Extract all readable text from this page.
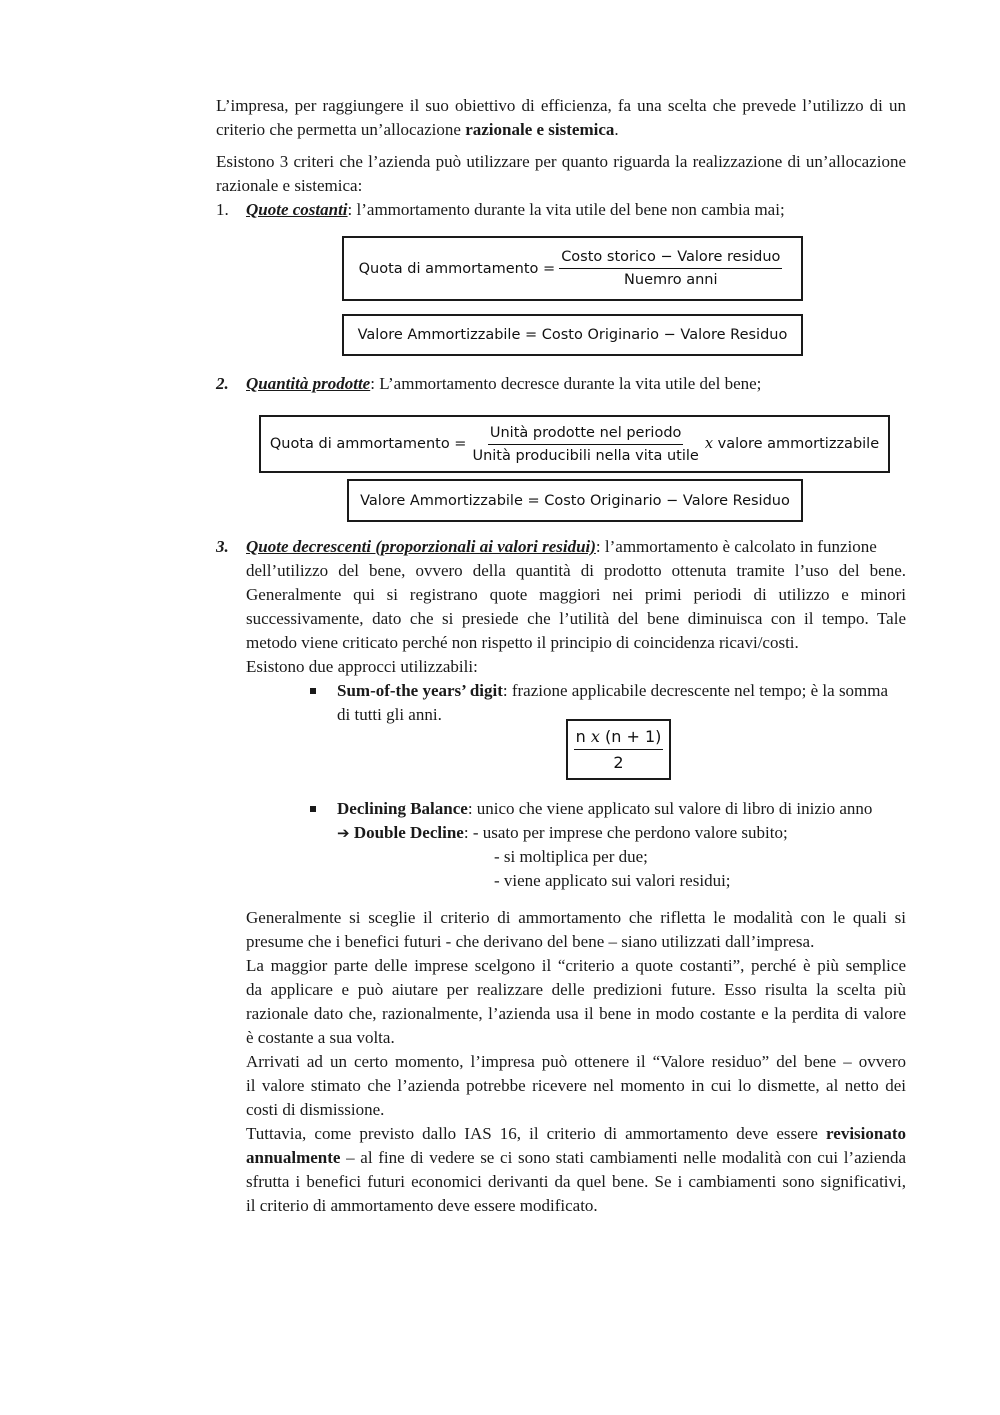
L’impresa, per raggiungere il suo obiettivo di efficienza, fa una scelta che prevede l’utilizzo di un
criterio che permetta un’allocazione razionale e sistemica.
Esistono 3 criteri che l’azienda può utilizzare per quanto riguarda la realizzazione di un’allocazione
razionale e sistemica:
1. Quote costanti: l’ammortamento durante la vita utile del bene non cambia mai;
Quota di ammortamento = $\frac{\text{Costo storico − Valore residuo}}{\text{Nuemro anni}}$
Valore Ammortizzabile = Costo Originario − Valore Residuo
2. Quantità prodotte: L’ammortamento decresce durante la vita utile del bene;
Quota di ammortamento = $\frac{\text{Unità prodotte nel periodo}}{\text{Unità producibili nella vita utile}}$ x
valore ammortizzabile
Valore Ammortizzabile = Costo Originario − Valore Residuo
3. Quote decrescenti (proporzionali ai valori residui): l’ammortamento è calcolato in funzione
dell’utilizzo del bene, ovvero della quantità di prodotto ottenuta tramite l’uso del bene.
Generalmente qui si registrano quote maggiori nei primi periodi di utilizzo e minori
successivamente, dato che si presiede che l’utilità del bene diminuisca con il tempo. Tale
metodo viene criticato perché non rispetto il principio di coincidenza ricavi/costi.
Esistono due approcci utilizzabili:
Sum-of-the years’ digit: frazione applicabile decrescente nel tempo; è la somma
di tutti gli anni.
$\frac{\text{n x (n + 1)}}{2}$
Declining Balance: unico che viene applicato sul valore di libro di inizio anno
➔ Double Decline: - usato per imprese che perdono valore subito;
- si moltiplica per due;
- viene applicato sui valori residui;
Generalmente si sceglie il criterio di ammortamento che rifletta le modalità con le quali si
presume che i benefici futuri - che derivano del bene – siano utilizzati dall’impresa.
La maggior parte delle imprese scelgono il “criterio a quote costanti”, perché è più semplice
da applicare e può aiutare per realizzare delle predizioni future. Esso risulta la scelta più
razionale dato che, razionalmente, l’azienda usa il bene in modo costante e la perdita di valore
è costante a sua volta.
Arrivati ad un certo momento, l’impresa può ottenere il “Valore residuo” del bene – ovvero
il valore stimato che l’azienda potrebbe ricevere nel momento in cui lo dismette, al netto dei
costi di dismissione.
Tuttavia, come previsto dallo IAS 16, il criterio di ammortamento deve essere revisionato
annualmente – al fine di vedere se ci sono stati cambiamenti nelle modalità con cui l’azienda
sfrutta i benefici futuri economici derivanti da quel bene. Se i cambiamenti sono significativi,
il criterio di ammortamento deve essere modificato.
